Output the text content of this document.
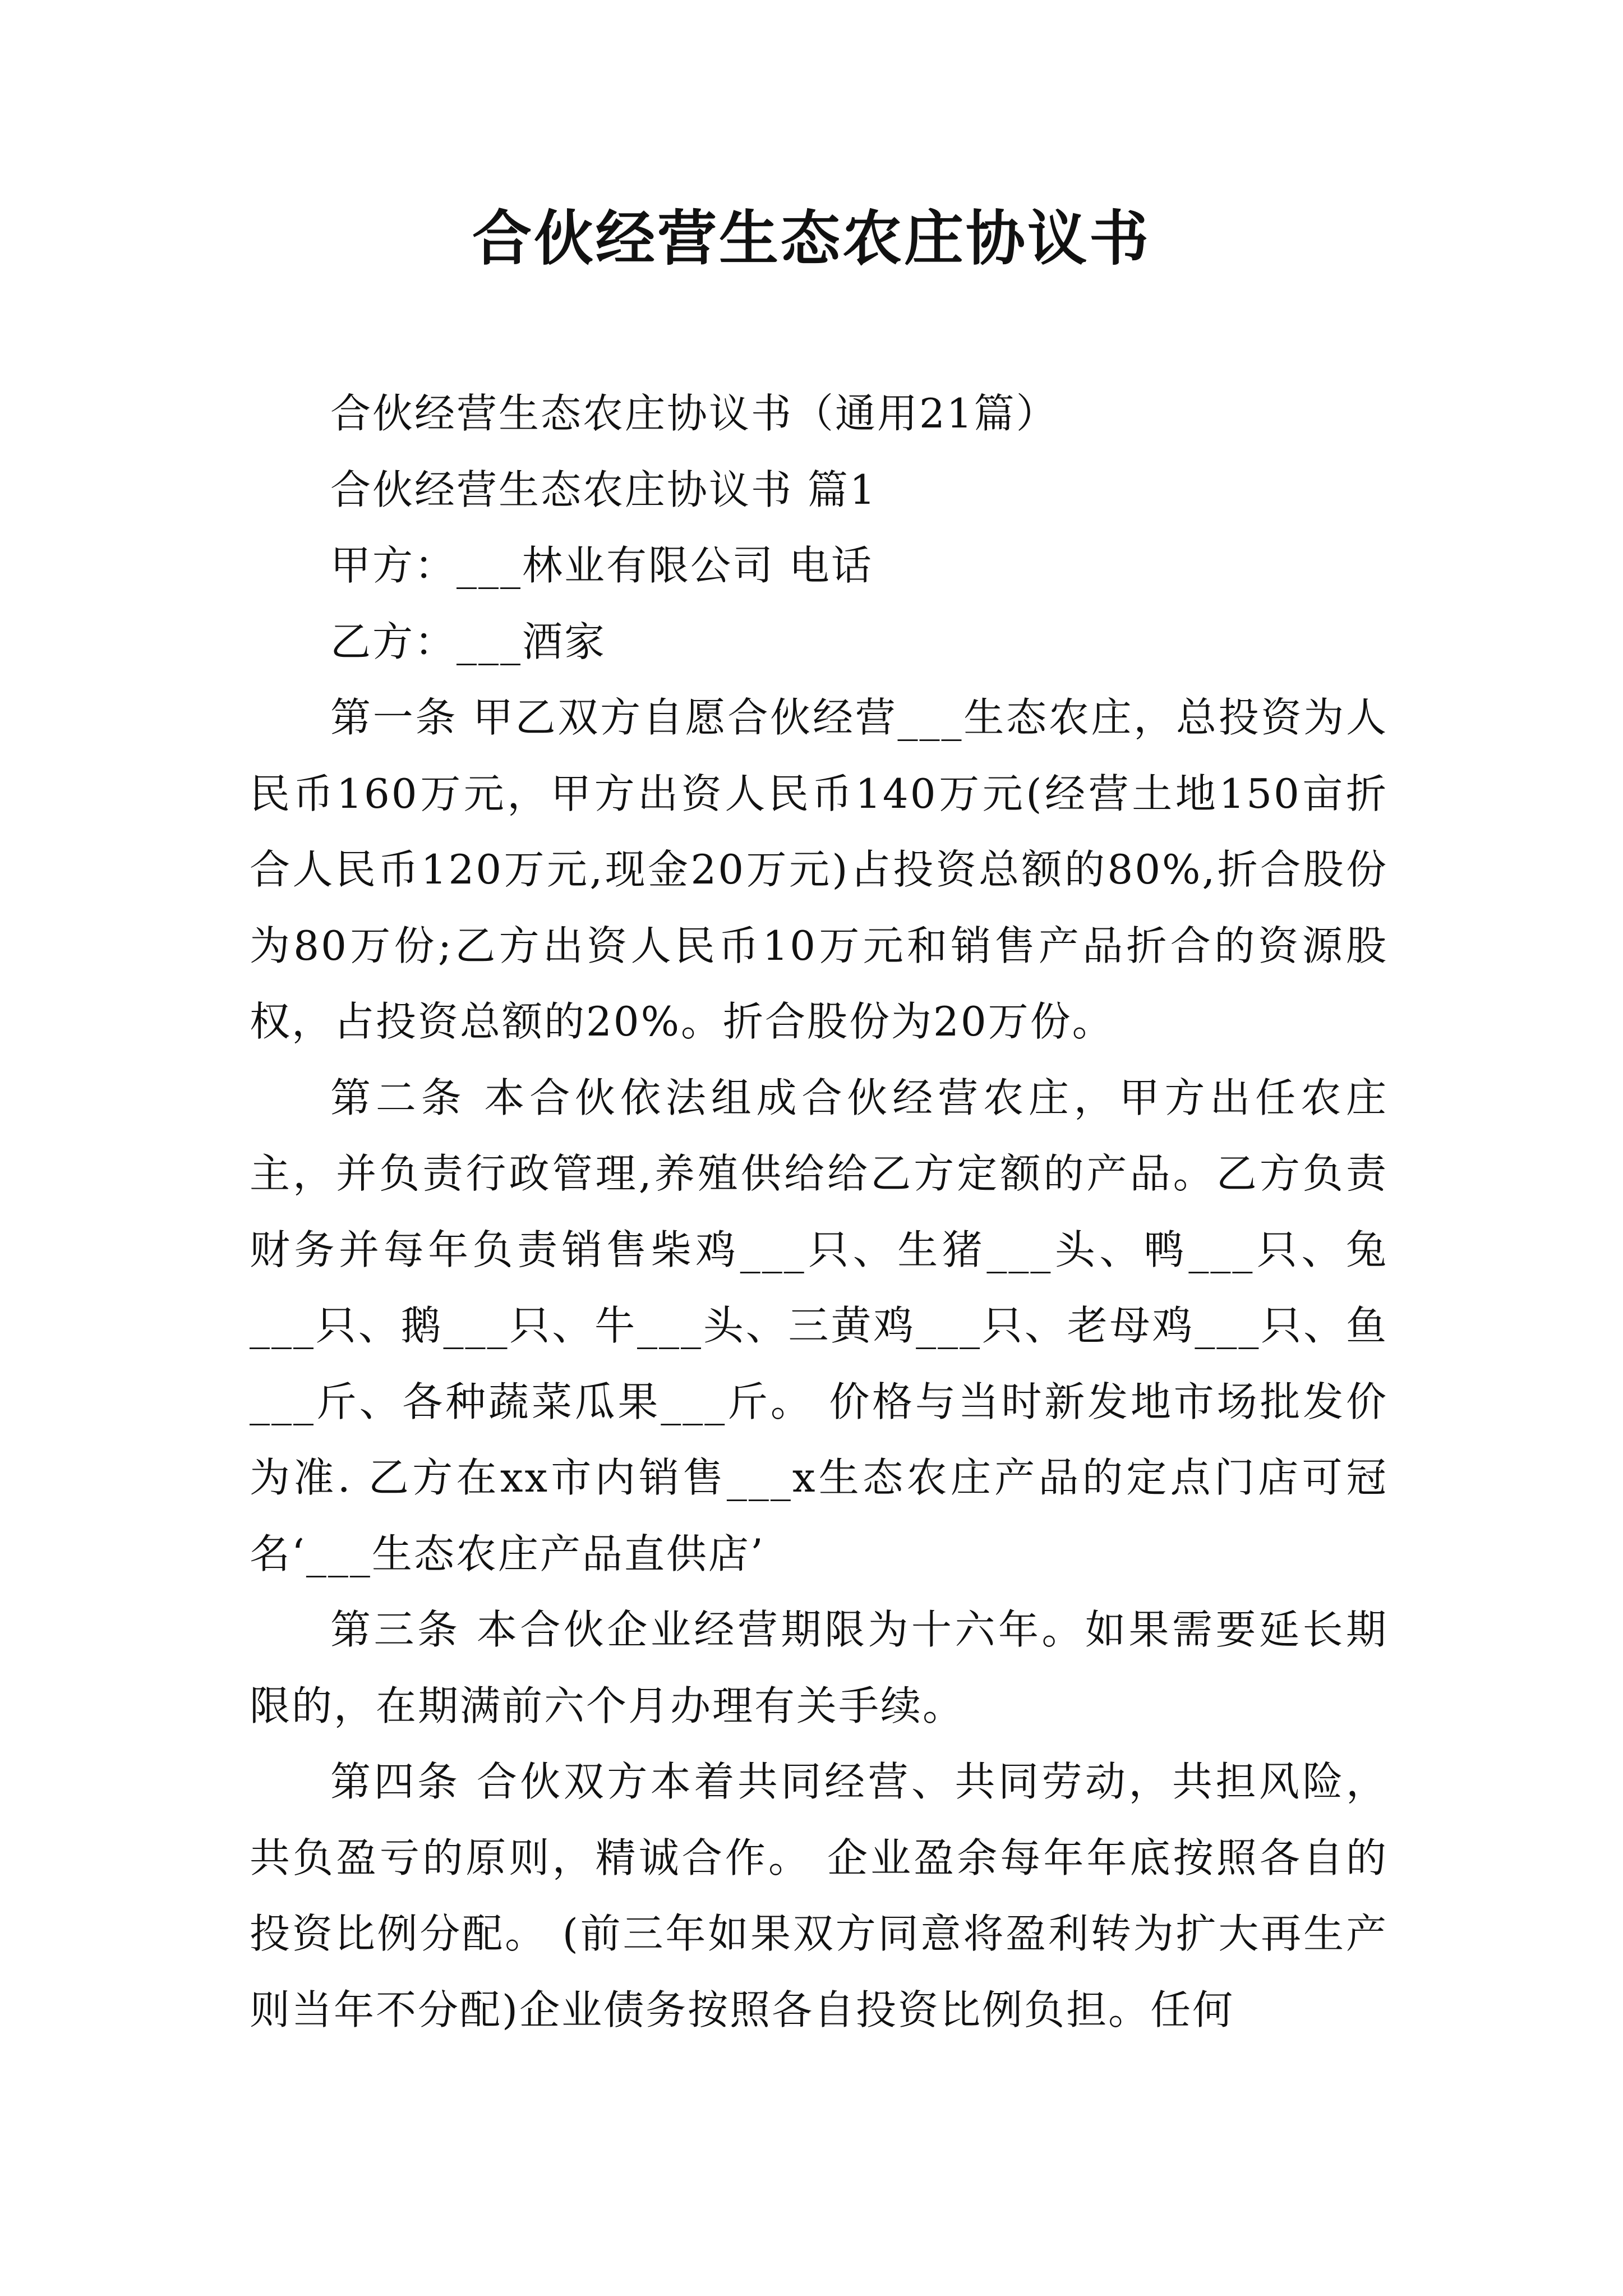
合伙经营生态农庄协议书

合伙经营生态农庄协议书（通用21篇）

合伙经营生态农庄协议书 篇1

甲方：___林业有限公司 电话

乙方：___酒家

第一条 甲乙双方自愿合伙经营___生态农庄，总投资为人民币160万元，甲方出资人民币140万元(经营土地150亩折合人民币120万元,现金20万元)占投资总额的80%,折合股份为80万份;乙方出资人民币10万元和销售产品折合的资源股权，占投资总额的20%。折合股份为20万份。

第二条 本合伙依法组成合伙经营农庄，甲方出任农庄主，并负责行政管理,养殖供给给乙方定额的产品。乙方负责财务并每年负责销售柴鸡___只、生猪___头、鸭___只、兔___只、鹅___只、牛___头、三黄鸡___只、老母鸡___只、鱼___斤、各种蔬菜瓜果___斤。 价格与当时新发地市场批发价为准. 乙方在xx市内销售___x生态农庄产品的定点门店可冠名‘___生态农庄产品直供店’

第三条 本合伙企业经营期限为十六年。如果需要延长期限的，在期满前六个月办理有关手续。

第四条 合伙双方本着共同经营、共同劳动，共担风险，共负盈亏的原则，精诚合作。 企业盈余每年年底按照各自的投资比例分配。 (前三年如果双方同意将盈利转为扩大再生产则当年不分配)企业债务按照各自投资比例负担。任何
